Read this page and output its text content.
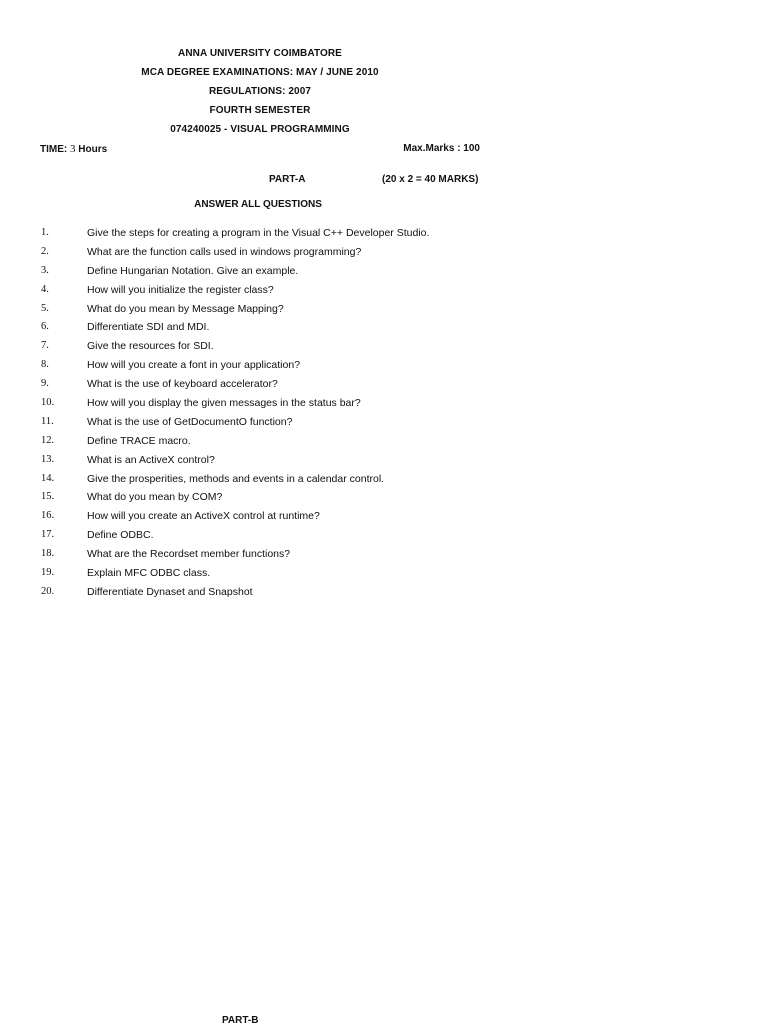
ANNA UNIVERSITY COIMBATORE
MCA DEGREE EXAMINATIONS: MAY / JUNE 2010
REGULATIONS: 2007
FOURTH SEMESTER
074240025 - VISUAL PROGRAMMING
TIME: 3 Hours	Max.Marks : 100
PART-A	(20 x 2 = 40 MARKS)
ANSWER ALL QUESTIONS
1.	Give the steps for creating a program in the Visual C++ Developer Studio.
2.	What are the function calls used in windows programming?
3.	Define Hungarian Notation. Give an example.
4.	How will you initialize the register class?
5.	What do you mean by Message Mapping?
6.	Differentiate SDI and MDI.
7.	Give the resources for SDI.
8.	How will you create a font in your application?
9.	What is the use of keyboard accelerator?
10.	How will you display the given messages in the status bar?
11.	What is the use of GetDocumentO function?
12.	Define TRACE macro.
13.	What is an ActiveX control?
14.	Give the prosperities, methods and events in a calendar control.
15.	What do you mean by COM?
16.	How will you create an ActiveX control at runtime?
17.	Define ODBC.
18.	What are the Recordset member functions?
19.	Explain MFC ODBC class.
20.	Differentiate Dynaset and Snapshot
PART-B
